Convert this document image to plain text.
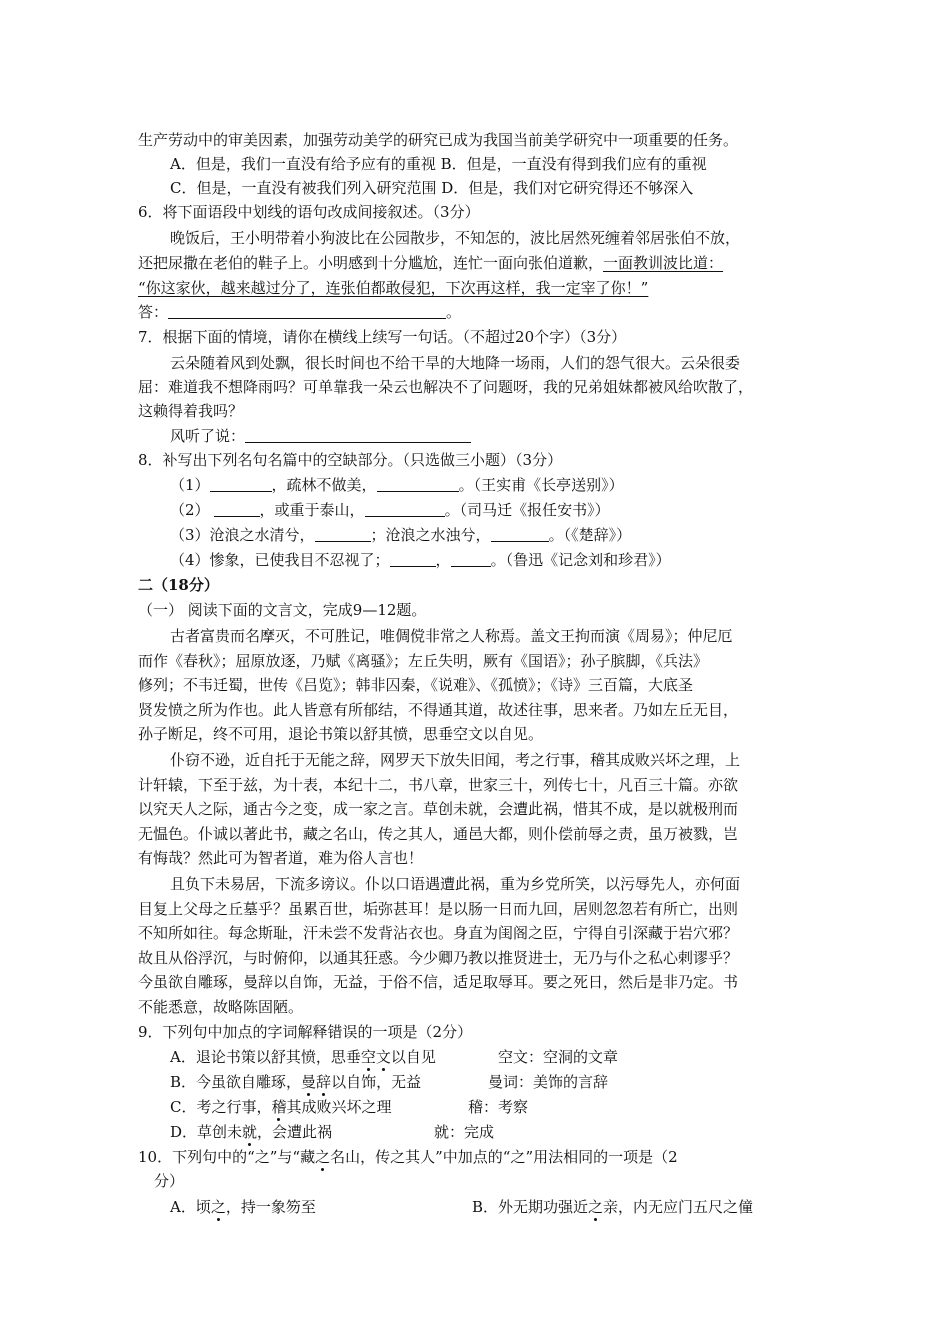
生产劳动中的审美因素，加强劳动美学的研究已成为我国当前美学研究中一项重要的任务。
A．但是，我们一直没有给予应有的重视 B．但是，一直没有得到我们应有的重视
C．但是，一直没有被我们列入研究范围 D．但是，我们对它研究得还不够深入
6．将下面语段中划线的语句改成间接叙述。（3分）
晚饭后，王小明带着小狗波比在公园散步，不知怎的，波比居然死缠着邻居张伯不放，
还把尿撒在老伯的鞋子上。小明感到十分尴尬，连忙一面向张伯道歉，一面教训波比道：
“你这家伙，越来越过分了，连张伯都敢侵犯，下次再这样，我一定宰了你！”
答：	。
7．根据下面的情境，请你在横线上续写一句话。（不超过20个字）（3分）
云朵随着风到处飘，很长时间也不给干旱的大地降一场雨，人们的怨气很大。云朵很委
屈：难道我不想降雨吗？可单靠我一朵云也解决不了问题呀，我的兄弟姐妹都被风给吹散了，
这赖得着我吗？
风听了说：
8．补写出下列名句名篇中的空缺部分。（只选做三小题）（3分）
（1）	，疏林不做美，	。（王实甫《长亭送别》）
（2）	，或重于泰山，	。（司马迁《报任安书》）
（3）沧浪之水清兮，	；沧浪之水浊兮，	。（《楚辞》）
（4）惨象，已使我目不忍视了；	，	。（鲁迅《记念刘和珍君》）
二（18分）
（一） 阅读下面的文言文，完成9—12题。
古者富贵而名摩灭，不可胜记，唯倜傥非常之人称焉。盖文王拘而演《周易》；仲尼厄
而作《春秋》；屈原放逐，乃赋《离骚》；左丘失明，厥有《国语》；孙子膑脚，《兵法》
修列；不韦迁蜀，世传《吕览》；韩非囚秦，《说难》、《孤愤》；《诗》三百篇，大底圣
贤发愤之所为作也。此人皆意有所郁结，不得通其道，故述往事，思来者。乃如左丘无目，
孙子断足，终不可用，退论书策以舒其愤，思垂空文以自见。
仆窃不逊，近自托于无能之辞，网罗天下放失旧闻，考之行事，稽其成败兴坏之理，上
计轩辕，下至于兹，为十表，本纪十二，书八章，世家三十，列传七十，凡百三十篇。亦欲
以究天人之际，通古今之变，成一家之言。草创未就，会遭此祸，惜其不成，是以就极刑而
无愠色。仆诚以著此书，藏之名山，传之其人，通邑大都，则仆偿前辱之责，虽万被戮，岂
有悔哉？然此可为智者道，难为俗人言也！
且负下未易居，下流多谤议。仆以口语遇遭此祸，重为乡党所笑，以污辱先人，亦何面
目复上父母之丘墓乎？虽累百世，垢弥甚耳！是以肠一日而九回，居则忽忽若有所亡，出则
不知所如往。每念斯耻，汗未尝不发背沾衣也。身直为闺阁之臣，宁得自引深藏于岩穴邪？
故且从俗浮沉，与时俯仰，以通其狂惑。今少卿乃教以推贤进士，无乃与仆之私心剌谬乎？
今虽欲自雕琢，曼辞以自饰，无益，于俗不信，适足取辱耳。要之死日，然后是非乃定。书
不能悉意，故略陈固陋。
9．下列句中加点的字词解释错误的一项是（2分）
A．退论书策以舒其愤，思垂空文以自见	空文：空洞的文章
B．今虽欲自雕琢，曼辞以自饰，无益	曼词：美饰的言辞
C．考之行事，稽其成败兴坏之理	稽：考察
D．草创未就，会遭此祸	就：完成
10．下列句中的“之”与“藏之名山，传之其人”中加点的“之”用法相同的一项是（2
分）
A．顷之，持一象笏至	B．外无期功强近之亲，内无应门五尺之僮
